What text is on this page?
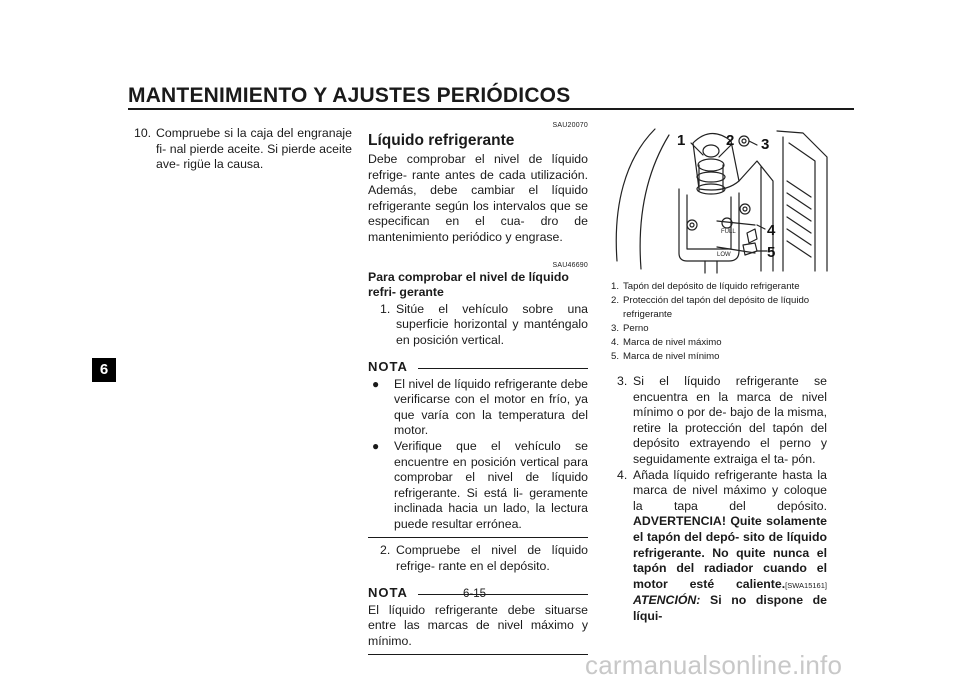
MANTENIMIENTO Y AJUSTES PERIÓDICOS
6
10. Compruebe si la caja del engranaje fi- nal pierde aceite. Si pierde aceite ave- rigüe la causa.
SAU20070
Líquido refrigerante
Debe comprobar el nivel de líquido refrige- rante antes de cada utilización. Además, debe cambiar el líquido refrigerante según los intervalos que se especifican en el cua- dro de mantenimiento periódico y engrase.
SAU46690
Para comprobar el nivel de líquido refri- gerante
1. Sitúe el vehículo sobre una superficie horizontal y manténgalo en posición vertical.
NOTA
●	El nivel de líquido refrigerante debe verificarse con el motor en frío, ya que varía con la temperatura del motor.
●	Verifique que el vehículo se encuentre en posición vertical para comprobar el nivel de líquido refrigerante. Si está li- geramente inclinada hacia un lado, la lectura puede resultar errónea.
2. Compruebe el nivel de líquido refrige- rante en el depósito.
NOTA
El líquido refrigerante debe situarse entre las marcas de nivel máximo y mínimo.
FULL
LOW
1	2 3
4
5
1. Tapón del depósito de líquido refrigerante
2. Protección del tapón del depósito de líquido refrigerante
3. Perno
4. Marca de nivel máximo
5. Marca de nivel mínimo
3. Si el líquido refrigerante se encuentra en la marca de nivel mínimo o por de- bajo de la misma, retire la protección del tapón del depósito extrayendo el perno y seguidamente extraiga el ta- pón.
4. Añada líquido refrigerante hasta la marca de nivel máximo y coloque la tapa del depósito. ADVERTENCIA! Quite solamente el tapón del depó- sito de líquido refrigerante. No quite nunca el tapón del radiador cuando el motor esté caliente.[SWA15161] ATENCIÓN: Si no dispone de líqui-
6-15
carmanualsonline.info
